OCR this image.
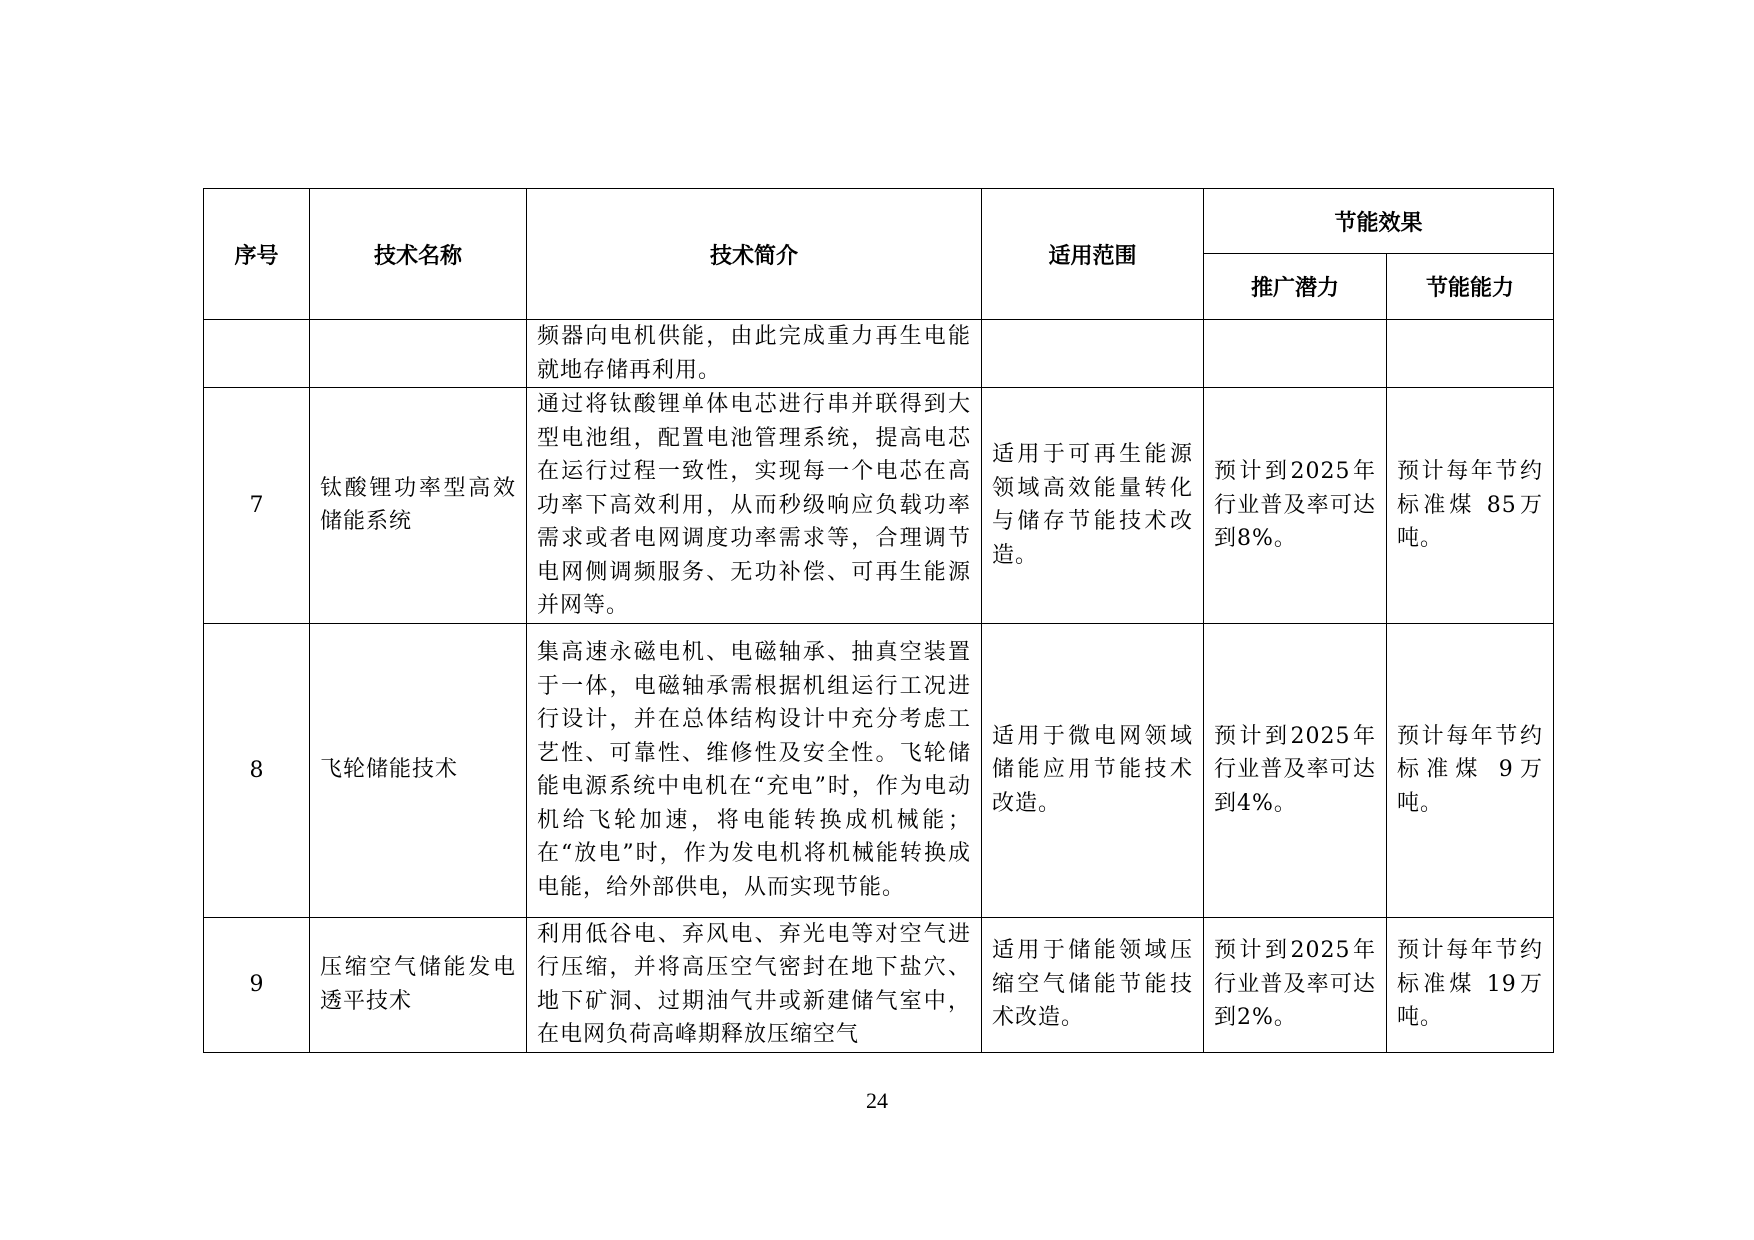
序号	技术名称	技术简介	适用范围	节能效果	
				推广潜力	节能能力
		频器向电机供能，由此完成重力再生电能就地存储再利用。			
7	钛酸锂功率型高效储能系统	通过将钛酸锂单体电芯进行串并联得到大型电池组，配置电池管理系统，提高电芯在运行过程一致性，实现每一个电芯在高功率下高效利用，从而秒级响应负载功率需求或者电网调度功率需求等，合理调节电网侧调频服务、无功补偿、可再生能源并网等。	适用于可再生能源领域高效能量转化与储存节能技术改造。	预计到2025年行业普及率可达到8%。	预计每年节约标准煤 85万吨。
8	飞轮储能技术	集高速永磁电机、电磁轴承、抽真空装置于一体，电磁轴承需根据机组运行工况进行设计，并在总体结构设计中充分考虑工艺性、可靠性、维修性及安全性。飞轮储能电源系统中电机在“充电”时，作为电动机给飞轮加速，将电能转换成机械能；在“放电”时，作为发电机将机械能转换成电能，给外部供电，从而实现节能。	适用于微电网领域储能应用节能技术改造。	预计到2025年行业普及率可达到4%。	预计每年节约标准煤 9万吨。
9	压缩空气储能发电透平技术	利用低谷电、弃风电、弃光电等对空气进行压缩，并将高压空气密封在地下盐穴、地下矿洞、过期油气井或新建储气室中，在电网负荷高峰期释放压缩空气	适用于储能领域压缩空气储能节能技术改造。	预计到2025年行业普及率可达到2%。	预计每年节约标准煤 19万吨。
24
